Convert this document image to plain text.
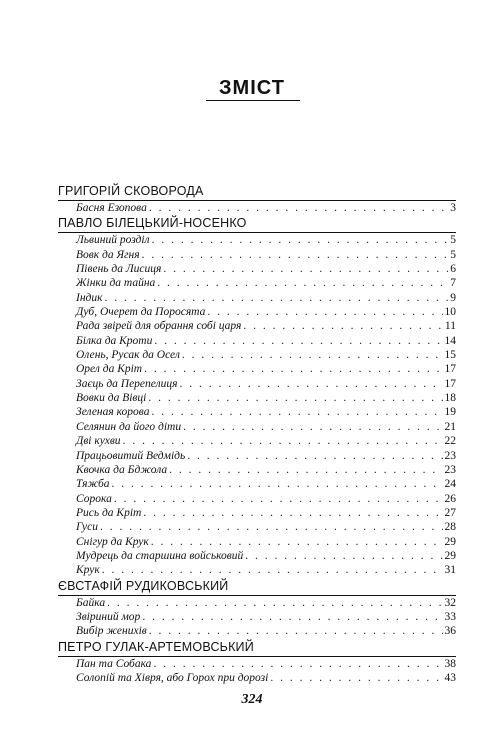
ЗМІСТ
ГРИГОРІЙ СКОВОРОДА
Басня Езопова . . .	3
ПАВЛО БІЛЕЦЬКИЙ-НОСЕНКО
Львиний розділ . . .	5
Вовк да Ягня . . .	5
Півень да Лисиця . . .	6
Жінки да тайна . . .	7
Індик . . .	9
Дуб, Очерет да Поросята . . .	10
Рада звірей для обрання собі царя . . .	11
Білка да Кроти . . .	14
Олень, Русак да Осел . . .	15
Орел да Кріт . . .	17
Заєць да Перепелиця . . .	17
Вовки да Вівці . . .	18
Зеленая корова . . .	19
Селянин да його діти . . .	21
Дві кухви . . .	22
Працьовитий Ведмідь . . .	23
Квочка да Бджола . . .	23
Тяжба . . .	24
Сорока . . .	26
Рись да Кріт . . .	27
Гуси . . .	28
Снігур да Крук . . .	29
Мудрець да старшина войськовий . . .	29
Крук . . .	31
ЄВСТАФІЙ РУДИКОВСЬКИЙ
Байка . . .	32
Звіриний мор . . .	33
Вибір женихів . . .	36
ПЕТРО ГУЛАК-АРТЕМОВСЬКИЙ
Пан та Собака . . .	38
Солопій та Хівря, або Горох при дорозі . . .	43
324
